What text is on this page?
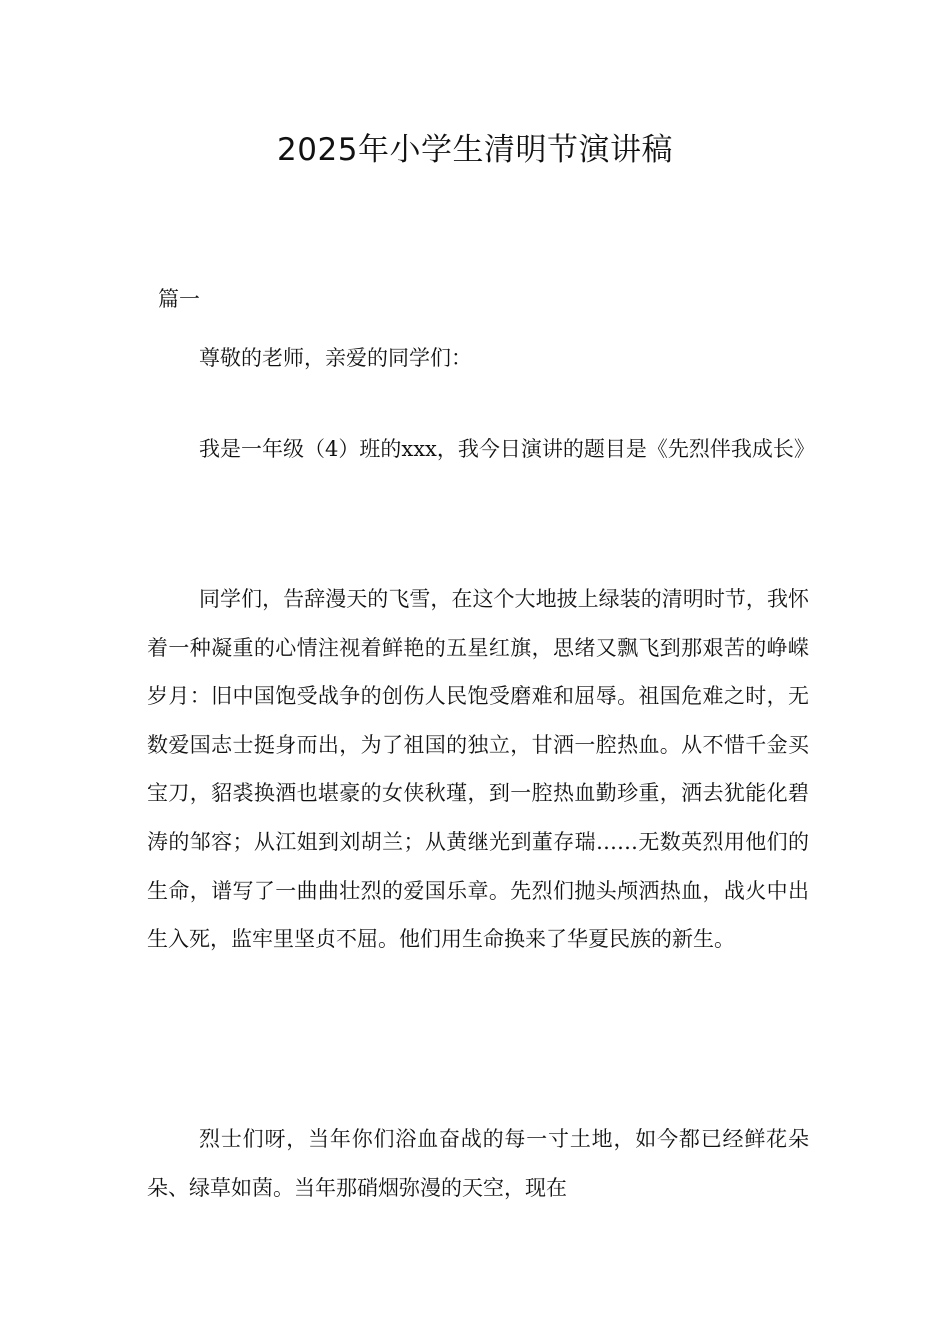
2025年小学生清明节演讲稿
篇一

尊敬的老师，亲爱的同学们：

我是一年级（4）班的xxx，我今日演讲的题目是《先烈伴我成长》

同学们，告辞漫天的飞雪，在这个大地披上绿装的清明时节，我怀着一种凝重的心情注视着鲜艳的五星红旗，思绪又飘飞到那艰苦的峥嵘岁月：旧中国饱受战争的创伤人民饱受磨难和屈辱。祖国危难之时，无数爱国志士挺身而出，为了祖国的独立，甘洒一腔热血。从不惜千金买宝刀，貂裘换酒也堪豪的女侠秋瑾，到一腔热血勤珍重，洒去犹能化碧涛的邹容；从江姐到刘胡兰；从黄继光到董存瑞……无数英烈用他们的生命，谱写了一曲曲壮烈的爱国乐章。先烈们抛头颅洒热血，战火中出生入死，监牢里坚贞不屈。他们用生命换来了华夏民族的新生。

烈士们呀，当年你们浴血奋战的每一寸土地，如今都已经鲜花朵朵、绿草如茵。当年那硝烟弥漫的天空，现在
